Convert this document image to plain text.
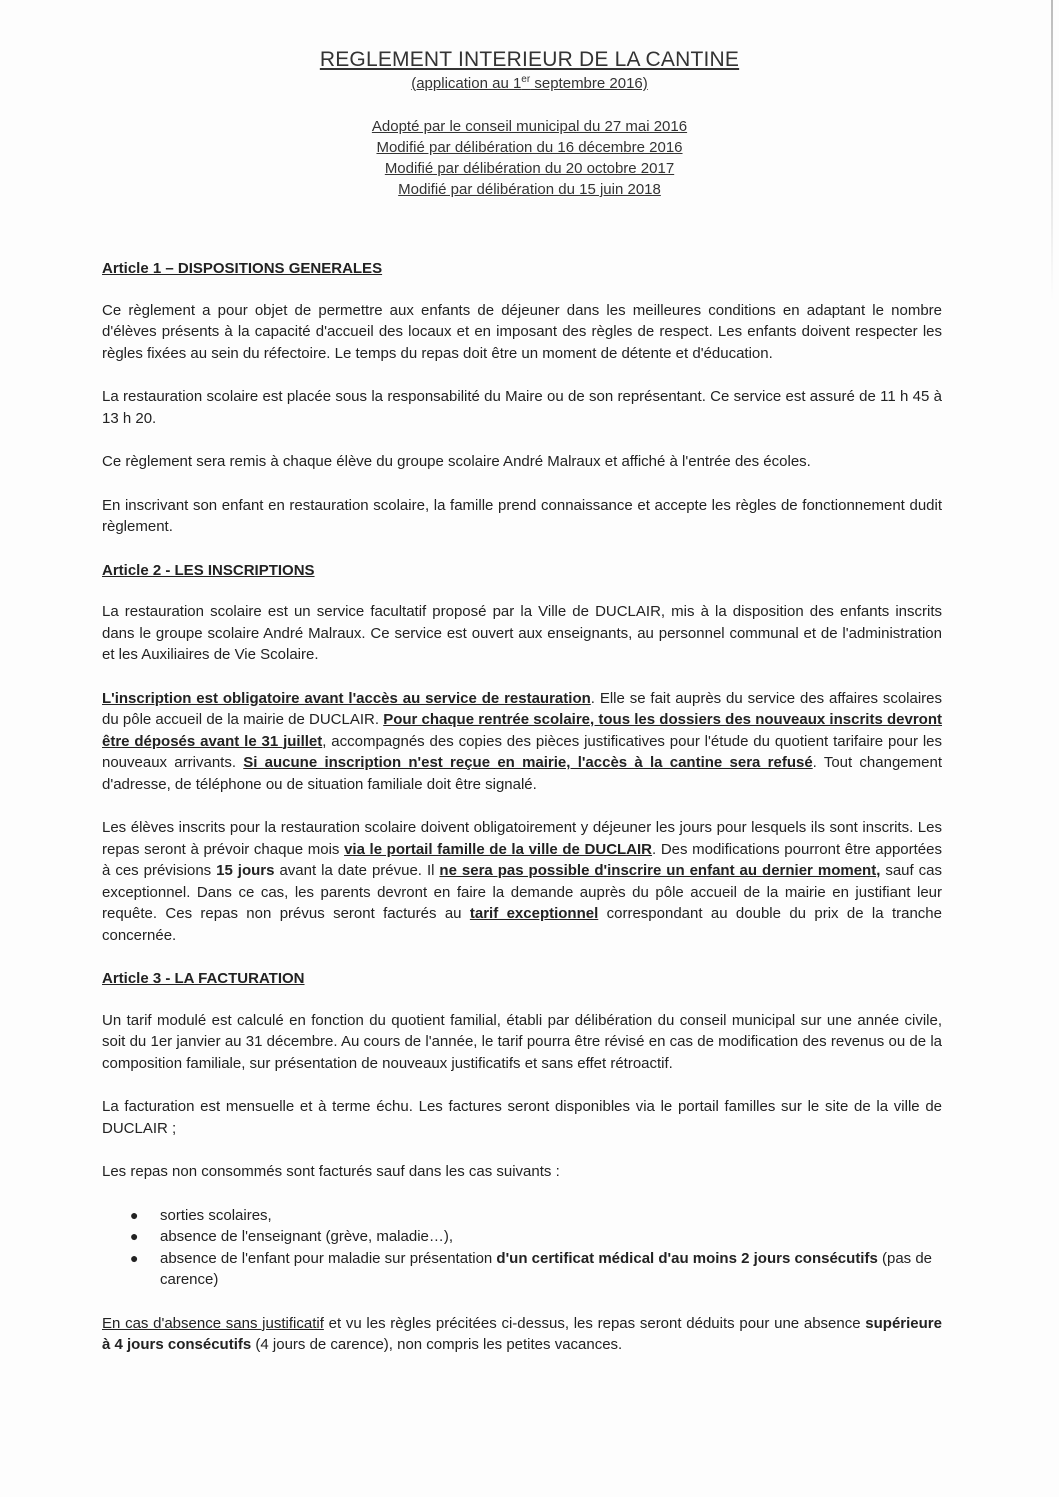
REGLEMENT INTERIEUR DE LA CANTINE
(application au 1er septembre 2016)
Adopté par le conseil municipal du 27 mai 2016
Modifié par délibération du 16 décembre 2016
Modifié par délibération du 20 octobre 2017
Modifié par délibération du 15 juin 2018
Article 1 – DISPOSITIONS GENERALES

Ce règlement a pour objet de permettre aux enfants de déjeuner dans les meilleures conditions en adaptant le nombre d'élèves présents à la capacité d'accueil des locaux et en imposant des règles de respect. Les enfants doivent respecter les règles fixées au sein du réfectoire. Le temps du repas doit être un moment de détente et d'éducation.

La restauration scolaire est placée sous la responsabilité du Maire ou de son représentant. Ce service est assuré de 11 h 45 à 13 h 20.

Ce règlement sera remis à chaque élève du groupe scolaire André Malraux et affiché à l'entrée des écoles.

En inscrivant son enfant en restauration scolaire, la famille prend connaissance et accepte les règles de fonctionnement dudit règlement.

Article 2 - LES INSCRIPTIONS

La restauration scolaire est un service facultatif proposé par la Ville de DUCLAIR, mis à la disposition des enfants inscrits dans le groupe scolaire André Malraux. Ce service est ouvert aux enseignants, au personnel communal et de l'administration et les Auxiliaires de Vie Scolaire.

L'inscription est obligatoire avant l'accès au service de restauration. Elle se fait auprès du service des affaires scolaires du pôle accueil de la mairie de DUCLAIR. Pour chaque rentrée scolaire, tous les dossiers des nouveaux inscrits devront être déposés avant le 31 juillet, accompagnés des copies des pièces justificatives pour l'étude du quotient tarifaire pour les nouveaux arrivants. Si aucune inscription n'est reçue en mairie, l'accès à la cantine sera refusé. Tout changement d'adresse, de téléphone ou de situation familiale doit être signalé.

Les élèves inscrits pour la restauration scolaire doivent obligatoirement y déjeuner les jours pour lesquels ils sont inscrits. Les repas seront à prévoir chaque mois via le portail famille de la ville de DUCLAIR. Des modifications pourront être apportées à ces prévisions 15 jours avant la date prévue. Il ne sera pas possible d'inscrire un enfant au dernier moment, sauf cas exceptionnel. Dans ce cas, les parents devront en faire la demande auprès du pôle accueil de la mairie en justifiant leur requête. Ces repas non prévus seront facturés au tarif exceptionnel correspondant au double du prix de la tranche concernée.

Article 3 - LA FACTURATION

Un tarif modulé est calculé en fonction du quotient familial, établi par délibération du conseil municipal sur une année civile, soit du 1er janvier au 31 décembre. Au cours de l'année, le tarif pourra être révisé en cas de modification des revenus ou de la composition familiale, sur présentation de nouveaux justificatifs et sans effet rétroactif.

La facturation est mensuelle et à terme échu. Les factures seront disponibles via le portail familles sur le site de la ville de DUCLAIR ;

Les repas non consommés sont facturés sauf dans les cas suivants :

● sorties scolaires,
● absence de l'enseignant (grève, maladie…),
● absence de l'enfant pour maladie sur présentation d'un certificat médical d'au moins 2 jours consécutifs (pas de carence)

En cas d'absence sans justificatif et vu les règles précitées ci-dessus, les repas seront déduits pour une absence supérieure à 4 jours consécutifs (4 jours de carence), non compris les petites vacances.
